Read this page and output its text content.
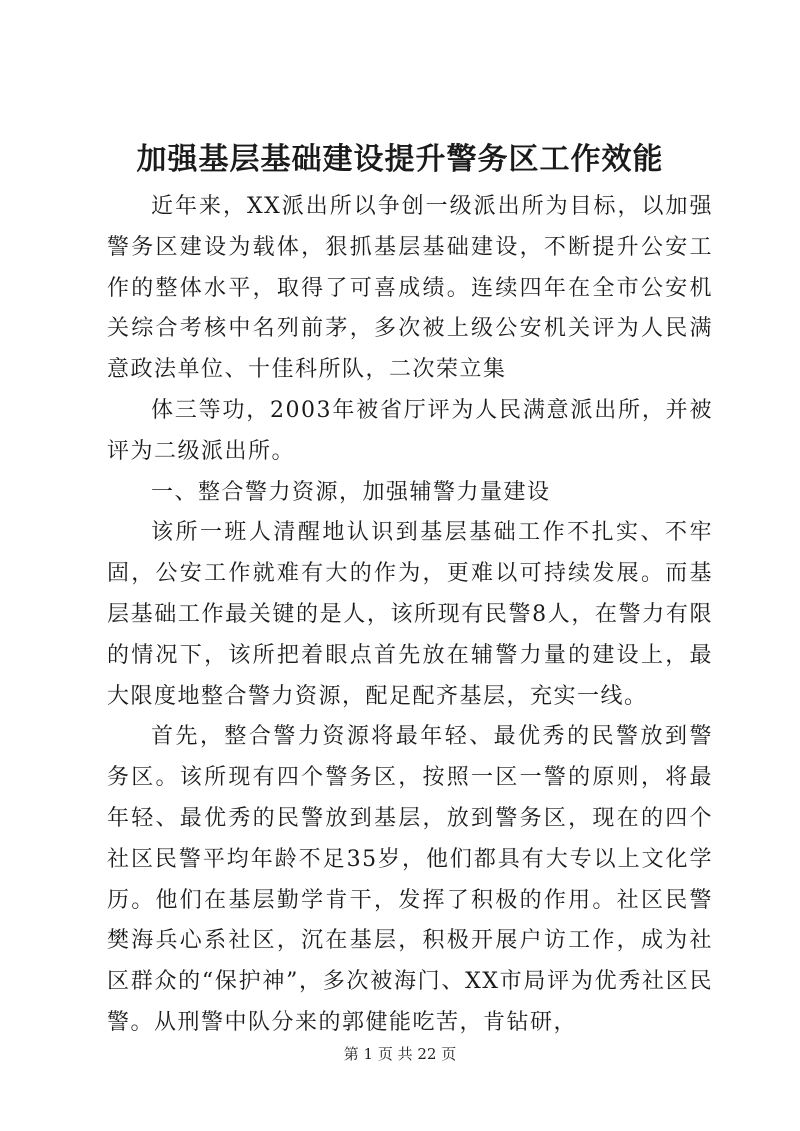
加强基层基础建设提升警务区工作效能

近年来，XX派出所以争创一级派出所为目标，以加强警务区建设为载体，狠抓基层基础建设，不断提升公安工作的整体水平，取得了可喜成绩。连续四年在全市公安机关综合考核中名列前茅，多次被上级公安机关评为人民满意政法单位、十佳科所队，二次荣立集

体三等功，2003年被省厅评为人民满意派出所，并被评为二级派出所。

一、整合警力资源，加强辅警力量建设

该所一班人清醒地认识到基层基础工作不扎实、不牢固，公安工作就难有大的作为，更难以可持续发展。而基层基础工作最关键的是人，该所现有民警8人，在警力有限的情况下，该所把着眼点首先放在辅警力量的建设上，最大限度地整合警力资源，配足配齐基层，充实一线。

首先，整合警力资源将最年轻、最优秀的民警放到警务区。该所现有四个警务区，按照一区一警的原则，将最年轻、最优秀的民警放到基层，放到警务区，现在的四个社区民警平均年龄不足35岁，他们都具有大专以上文化学历。他们在基层勤学肯干，发挥了积极的作用。社区民警樊海兵心系社区，沉在基层，积极开展户访工作，成为社区群众的“保护神”，多次被海门、XX市局评为优秀社区民警。从刑警中队分来的郭健能吃苦，肯钻研，

第 1 页 共 22 页
